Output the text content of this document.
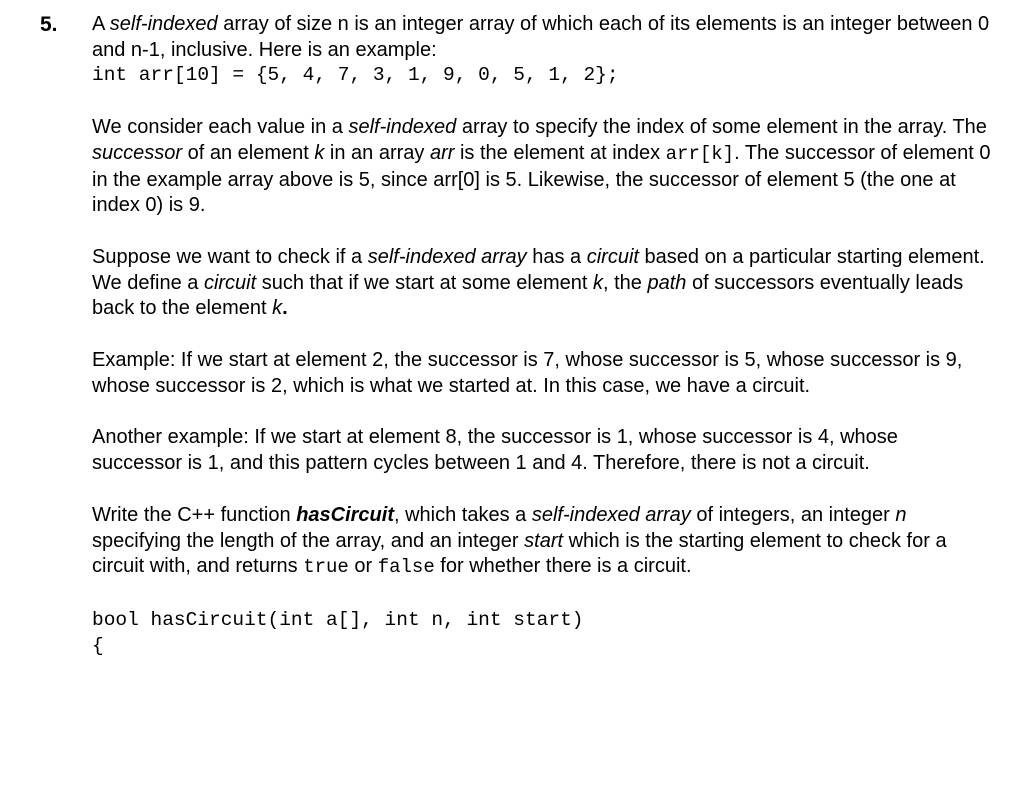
5. A self-indexed array of size n is an integer array of which each of its elements is an integer between 0 and n-1, inclusive. Here is an example:
int arr[10] = {5, 4, 7, 3, 1, 9, 0, 5, 1, 2};

We consider each value in a self-indexed array to specify the index of some element in the array. The successor of an element k in an array arr is the element at index arr[k]. The successor of element 0 in the example array above is 5, since arr[0] is 5. Likewise, the successor of element 5 (the one at index 0) is 9.

Suppose we want to check if a self-indexed array has a circuit based on a particular starting element. We define a circuit such that if we start at some element k, the path of successors eventually leads back to the element k.

Example: If we start at element 2, the successor is 7, whose successor is 5, whose successor is 9, whose successor is 2, which is what we started at. In this case, we have a circuit.

Another example: If we start at element 8, the successor is 1, whose successor is 4, whose successor is 1, and this pattern cycles between 1 and 4. Therefore, there is not a circuit.

Write the C++ function hasCircuit, which takes a self-indexed array of integers, an integer n specifying the length of the array, and an integer start which is the starting element to check for a circuit with, and returns true or false for whether there is a circuit.

bool hasCircuit(int a[], int n, int start)
{
